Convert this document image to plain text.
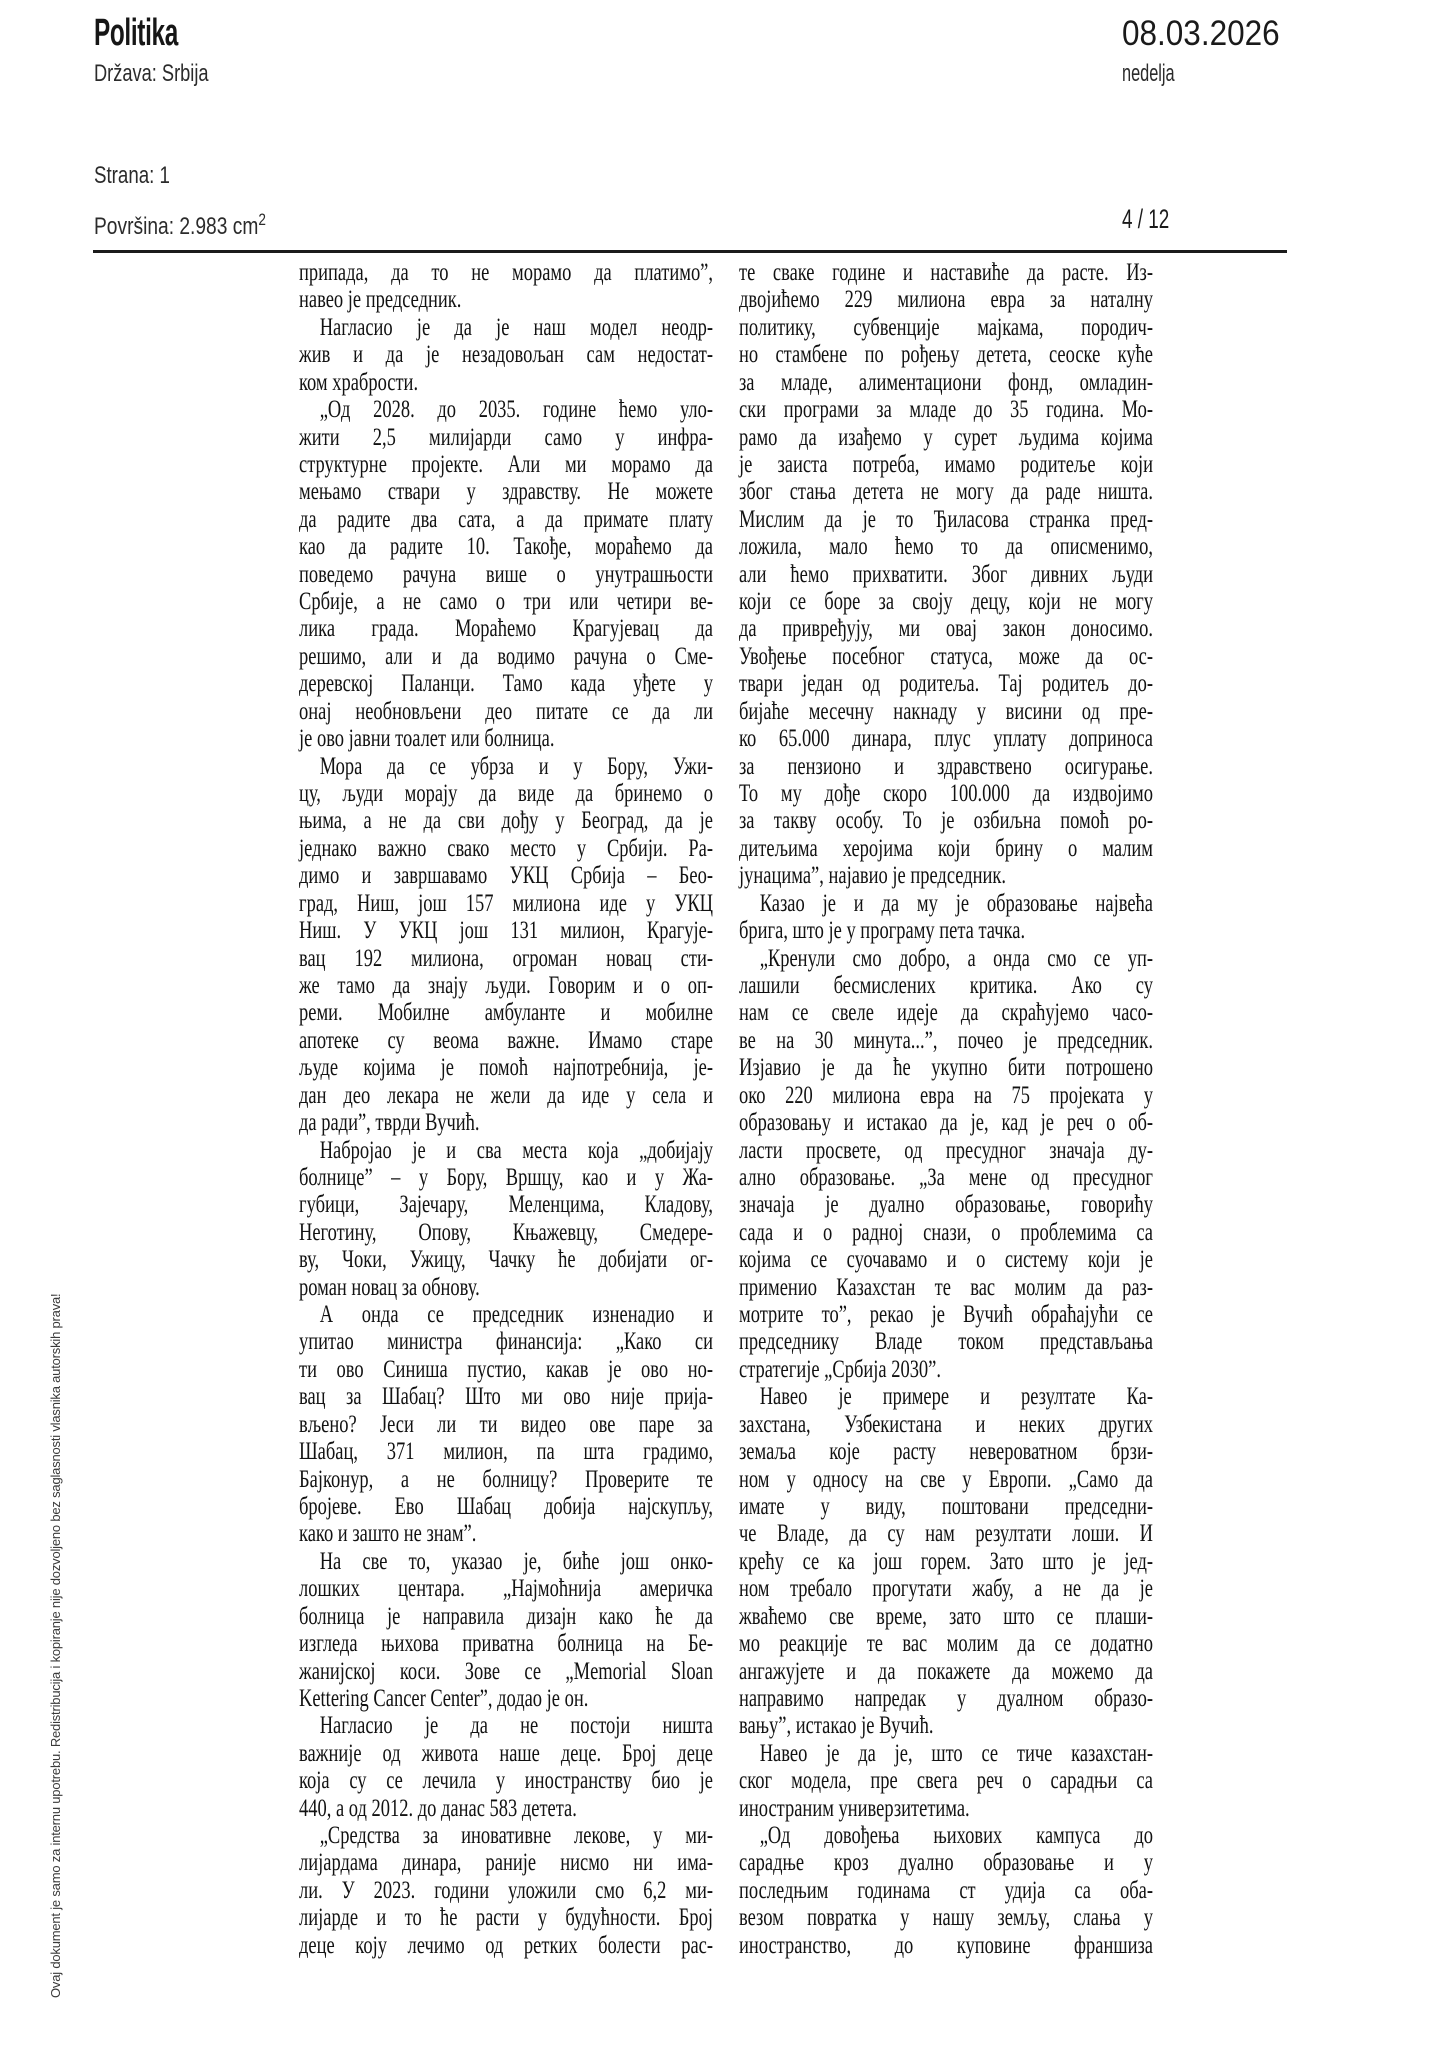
Politika
Država: Srbija
Strana: 1
Površina: 2.983 $cm^2$
08.03.2026
nedelja
4 / 12
припада, да то не морамо да платимо”,
навео је председник.
Нагласио је да је наш модел неодр-
жив и да је незадовољан сам недостат-
ком храбрости.
„Од 2028. до 2035. године ћемо уло-
жити 2,5 милијарди само у инфра-
структурне пројекте. Али ми морамо да
мењамо ствари у здравству. Не можете
да радите два сата, а да примате плату
као да радите 10. Такође, мораћемо да
поведемо рачуна више о унутрашњости
Србије, а не само о три или четири ве-
лика града. Мораћемо Крагујевац да
решимо, али и да водимо рачуна о Сме-
деревској Паланци. Тамо када уђете у
онај необновљени део питате се да ли
је ово јавни тоалет или болница.
Мора да се убрза и у Бору, Ужи-
цу, људи морају да виде да бринемо о
њима, а не да сви дођу у Београд, да је
једнако важно свако место у Србији. Ра-
димо и завршавамо УКЦ Србија – Бео-
град, Ниш, још 157 милиона иде у УКЦ
Ниш. У УКЦ још 131 милион, Крагује-
вац 192 милиона, огроман новац сти-
же тамо да знају људи. Говорим и о оп-
реми. Мобилне амбуланте и мобилне
апотеке су веома важне. Имамо старе
људе којима је помоћ најпотребнија, је-
дан део лекара не жели да иде у села и
да ради”, тврди Вучић.
Набројао је и сва места која „добијају
болнице” – у Бору, Вршцу, као и у Жа-
губици, Зајечару, Меленцима, Кладову,
Неготину, Опову, Књажевцу, Смедере-
ву, Чоки, Ужицу, Чачку ће добијати ог-
роман новац за обнову.
А онда се председник изненадио и
упитао министра финансија: „Како си
ти ово Синиша пустио, какав је ово но-
вац за Шабац? Што ми ово није прија-
вљено? Јеси ли ти видео ове паре за
Шабац, 371 милион, па шта градимо,
Бајконур, а не болницу? Проверите те
бројеве. Ево Шабац добија најскупљу,
како и зашто не знам”.
На све то, указао је, биће још онко-
лошких центара. „Најмоћнија америчка
болница је направила дизајн како ће да
изгледа њихова приватна болница на Бе-
жанијској коси. Зове се „Memorial Sloan
Kettering Cancer Center”, додао је он.
Нагласио је да не постоји ништа
важније од живота наше деце. Број деце
која су се лечила у иностранству био је
440, а од 2012. до данас 583 детета.
„Средства за иновативне лекове, у ми-
лијардама динара, раније нисмо ни има-
ли. У 2023. години уложили смо 6,2 ми-
лијарде и то ће расти у будућности. Број
деце коју лечимо од ретких болести рас-
те сваке године и наставиће да расте. Из-
двојићемо 229 милиона евра за наталну
политику, субвенције мајкама, породич-
но стамбене по рођењу детета, сеоске куће
за младе, алиментациони фонд, омладин-
ски програми за младе до 35 година. Мо-
рамо да изађемо у сурет људима којима
је заиста потреба, имамо родитеље који
због стања детета не могу да раде ништа.
Мислим да је то Ђиласова странка пред-
ложила, мало ћемо то да описменимо,
али ћемо прихватити. Због дивних људи
који се боре за своју децу, који не могу
да привређују, ми овај закон доносимо.
Увођење посебног статуса, може да ос-
твари један од родитеља. Тај родитељ до-
бијаће месечну накнаду у висини од пре-
ко 65.000 динара, плус уплату доприноса
за пензионо и здравствено осигурање.
То му дође скоро 100.000 да издвојимо
за такву особу. То је озбиљна помоћ ро-
дитељима херојима који брину о малим
јунацима”, најавио је председник.
Казао је и да му је образовање највећа
брига, што је у програму пета тачка.
„Кренули смо добро, а онда смо се уп-
лашили бесмислених критика. Ако су
нам се свеле идеје да скраћујемо часо-
ве на 30 минута...”, почео је председник.
Изјавио је да ће укупно бити потрошено
око 220 милиона евра на 75 пројеката у
образовању и истакао да је, кад је реч о об-
ласти просвете, од пресудног значаја ду-
ално образовање. „За мене од пресудног
значаја је дуално образовање, говорићу
сада и о радној снази, о проблемима са
којима се суочавамо и о систему који је
применио Казахстан те вас молим да раз-
мотрите то”, рекао је Вучић обраћајући се
председнику Владе током представљања
стратегије „Србија 2030”.
Навео је примере и резултате Ка-
захстана, Узбекистана и неких других
земаља које расту невероватном брзи-
ном у односу на све у Европи. „Само да
имате у виду, поштовани председни-
че Владе, да су нам резултати лоши. И
крећу се ка још горем. Зато што је јед-
ном требало прогутати жабу, а не да је
жваћемо све време, зато што се плаши-
мо реакције те вас молим да се додатно
ангажујете и да покажете да можемо да
направимо напредак у дуалном образо-
вању”, истакао је Вучић.
Навео је да је, што се тиче казахстан-
ског модела, пре свега реч о сарадњи са
иностраним универзитетима.
„Од довођења њихових кампуса до
сарадње кроз дуално образовање и у
последњим годинама ст удија са оба-
везом повратка у нашу земљу, слања у
иностранство, до куповине франшиза
Ovaj dokument je samo za internu upotrebu. Redistribucija i kopiranje nije dozvoljeno bez saglasnosti vlasnika autorskih prava!
